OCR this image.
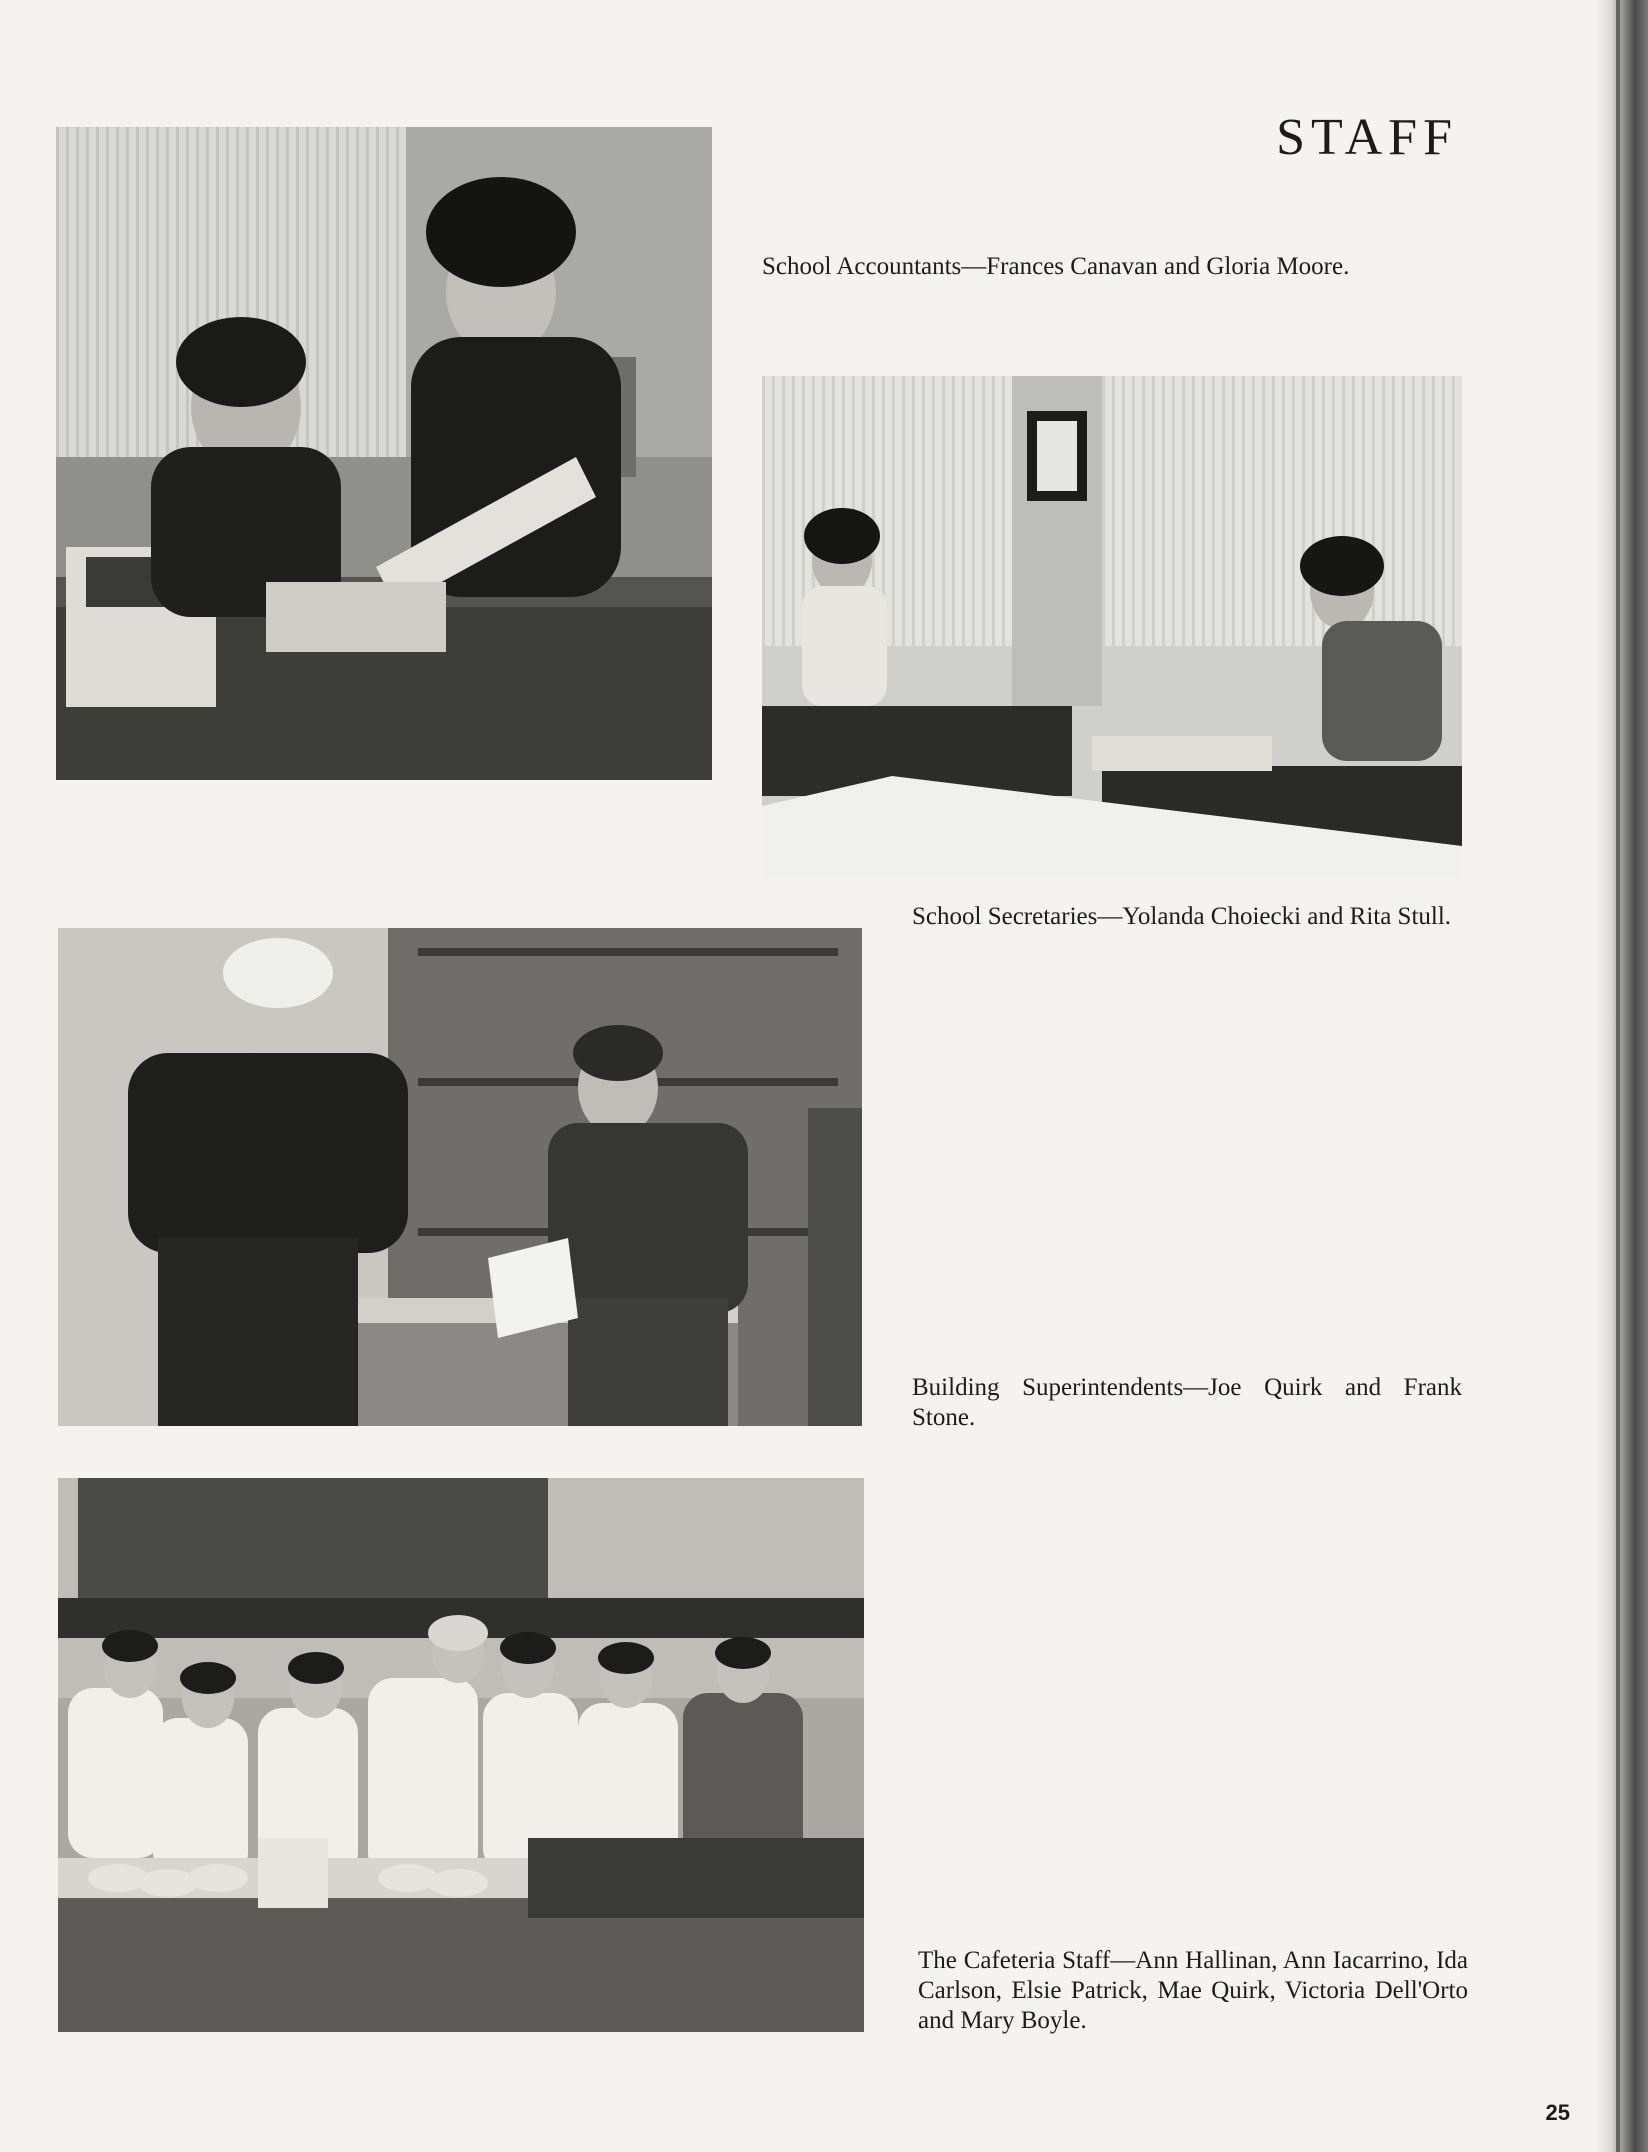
STAFF

School Accountants—Frances Canavan and Gloria Moore.

School Secretaries—Yolanda Choiecki and Rita Stull.

Building Superintendents—Joe Quirk and Frank Stone.

The Cafeteria Staff—Ann Hallinan, Ann Iacarrino, Ida Carlson, Elsie Patrick, Mae Quirk, Victoria Dell'Orto and Mary Boyle.

25
